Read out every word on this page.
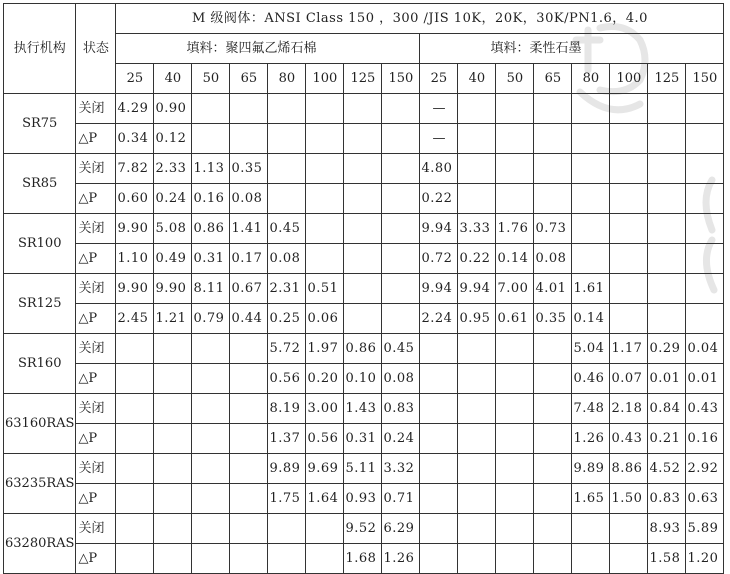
执行机构	状态	M 级阀体：ANSI Class 150 ，300 /JIS 10K，20K，30K/PN1.6，4.0															
		填料：聚四氟乙烯石棉								填料：柔性石墨							
		25	40	50	65	80	100	125	150	25	40	50	65	80	100	125	150
SR75	关闭	4.29	0.90							—							
	△P	0.34	0.12							—							
SR85	关闭	7.82	2.33	1.13	0.35					4.80							
	△P	0.60	0.24	0.16	0.08					0.22							
SR100	关闭	9.90	5.08	0.86	1.41	0.45				9.94	3.33	1.76	0.73				
	△P	1.10	0.49	0.31	0.17	0.08				0.72	0.22	0.14	0.08				
SR125	关闭	9.90	9.90	8.11	0.67	2.31	0.51			9.94	9.94	7.00	4.01	1.61			
	△P	2.45	1.21	0.79	0.44	0.25	0.06			2.24	0.95	0.61	0.35	0.14			
SR160	关闭					5.72	1.97	0.86	0.45					5.04	1.17	0.29	0.04
	△P					0.56	0.20	0.10	0.08					0.46	0.07	0.01	0.01
63160RAS	关闭					8.19	3.00	1.43	0.83					7.48	2.18	0.84	0.43
	△P					1.37	0.56	0.31	0.24					1.26	0.43	0.21	0.16
63235RAS	关闭					9.89	9.69	5.11	3.32					9.89	8.86	4.52	2.92
	△P					1.75	1.64	0.93	0.71					1.65	1.50	0.83	0.63
63280RAS	关闭							9.52	6.29							8.93	5.89
	△P							1.68	1.26							1.58	1.20
